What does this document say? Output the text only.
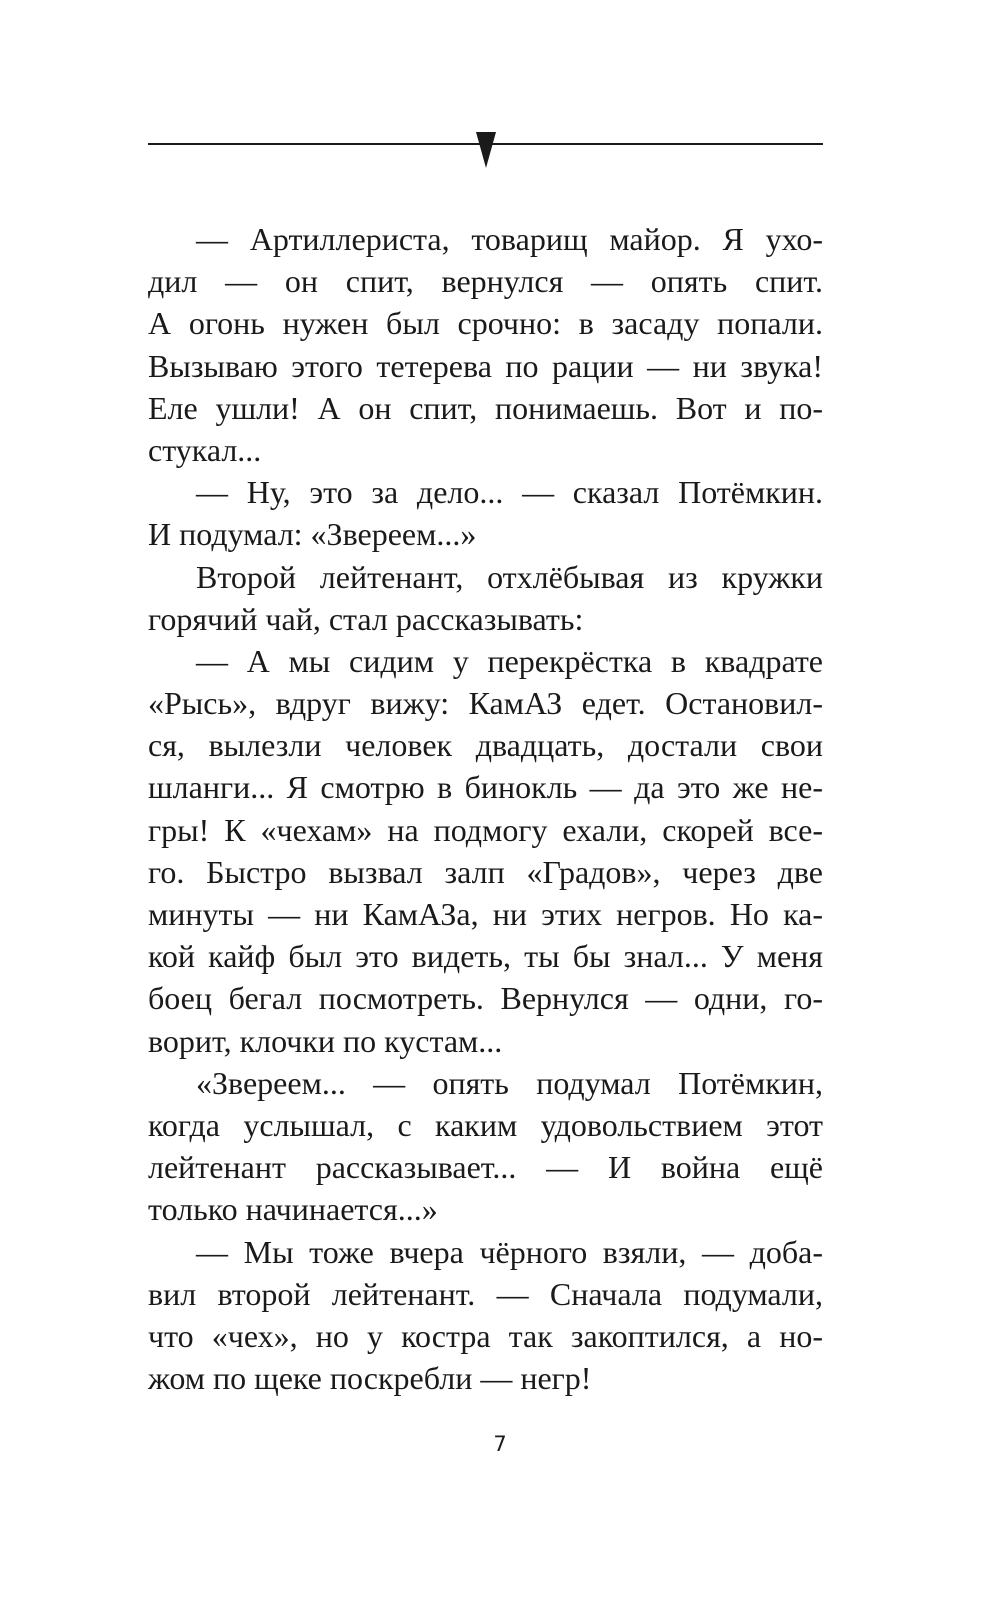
— Артиллериста, товарищ майор. Я ухо-
дил — он спит, вернулся — опять спит.
А огонь нужен был срочно: в засаду попали.
Вызываю этого тетерева по рации — ни звука!
Еле ушли! А он спит, понимаешь. Вот и по-
стукал...
— Ну, это за дело... — сказал Потёмкин.
И подумал: «Звереем...»
Второй лейтенант, отхлёбывая из кружки
горячий чай, стал рассказывать:
— А мы сидим у перекрёстка в квадрате
«Рысь», вдруг вижу: КамАЗ едет. Остановил-
ся, вылезли человек двадцать, достали свои
шланги... Я смотрю в бинокль — да это же не-
гры! К «чехам» на подмогу ехали, скорей все-
го. Быстро вызвал залп «Градов», через две
минуты — ни КамАЗа, ни этих негров. Но ка-
кой кайф был это видеть, ты бы знал... У меня
боец бегал посмотреть. Вернулся — одни, го-
ворит, клочки по кустам...
«Звереем... — опять подумал Потёмкин,
когда услышал, с каким удовольствием этот
лейтенант рассказывает... — И война ещё
только начинается...»
— Мы тоже вчера чёрного взяли, — доба-
вил второй лейтенант. — Сначала подумали,
что «чех», но у костра так закоптился, а но-
жом по щеке поскребли — негр!
7
